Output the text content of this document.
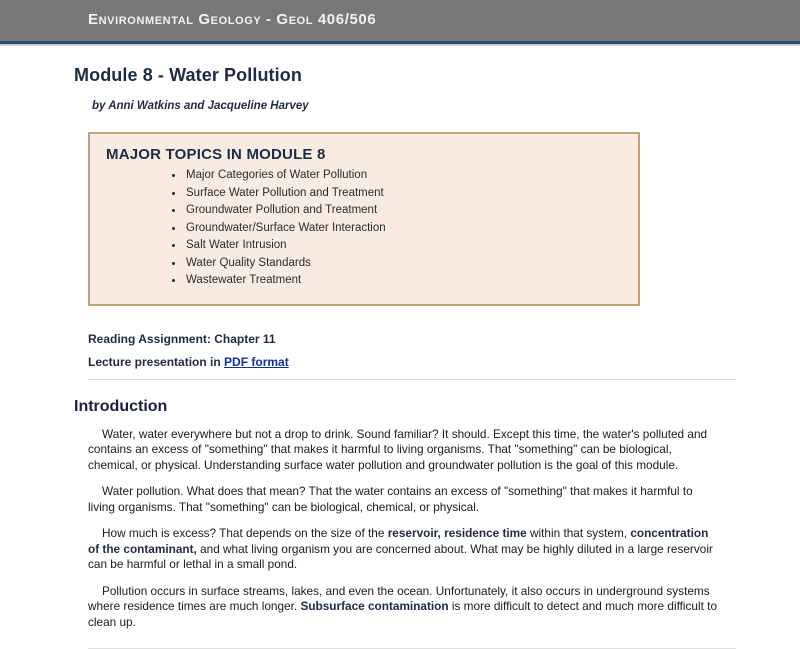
Environmental Geology - Geol 406/506
Module 8 - Water Pollution
by Anni Watkins and Jacqueline Harvey
MAJOR TOPICS IN MODULE 8
Major Categories of Water Pollution
Surface Water Pollution and Treatment
Groundwater Pollution and Treatment
Groundwater/Surface Water Interaction
Salt Water Intrusion
Water Quality Standards
Wastewater Treatment
Reading Assignment: Chapter 11
Lecture presentation in PDF format
Introduction

Water, water everywhere but not a drop to drink. Sound familiar? It should. Except this time, the water's polluted and contains an excess of "something" that makes it harmful to living organisms. That "something" can be biological, chemical, or physical. Understanding surface water pollution and groundwater pollution is the goal of this module.

Water pollution. What does that mean? That the water contains an excess of "something" that makes it harmful to living organisms. That "something" can be biological, chemical, or physical.

How much is excess? That depends on the size of the reservoir, residence time within that system, concentration of the contaminant, and what living organism you are concerned about. What may be highly diluted in a large reservoir can be harmful or lethal in a small pond.

Pollution occurs in surface streams, lakes, and even the ocean. Unfortunately, it also occurs in underground systems where residence times are much longer. Subsurface contamination is more difficult to detect and much more difficult to clean up.
